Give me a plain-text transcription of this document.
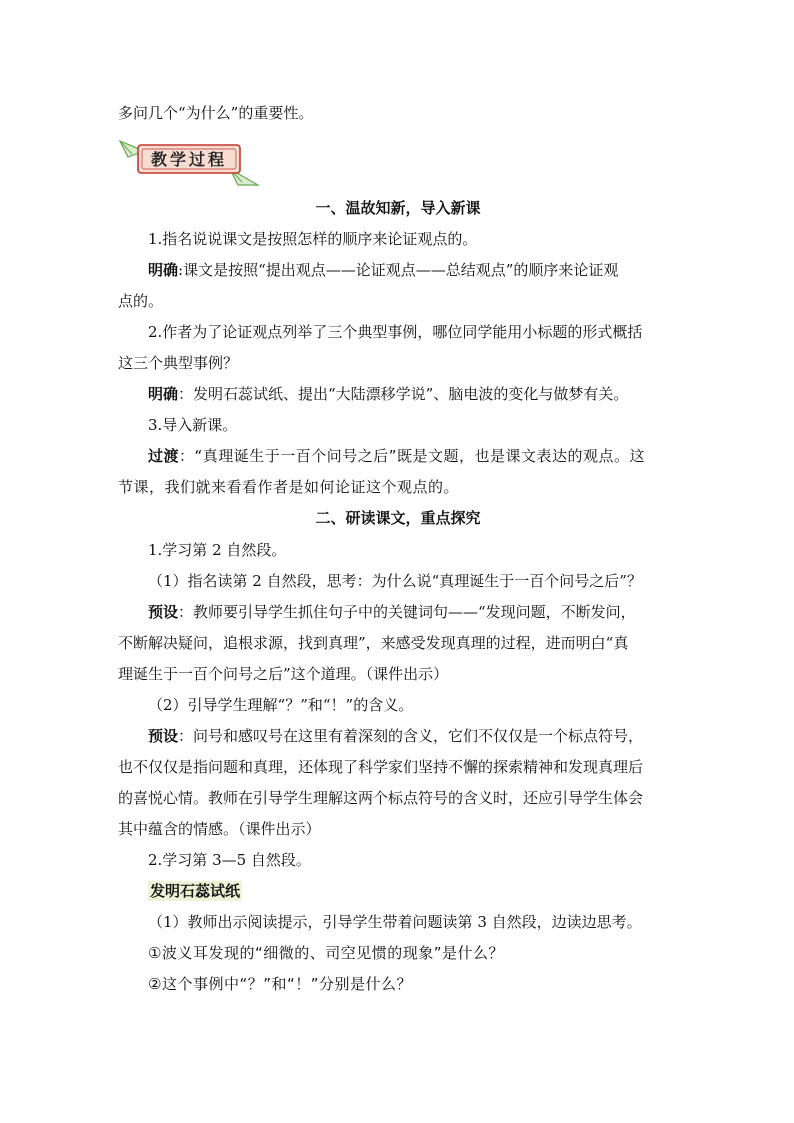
多问几个“为什么”的重要性。
教学过程
一、温故知新，导入新课
1.指名说说课文是按照怎样的顺序来论证观点的。
明确:课文是按照“提出观点——论证观点——总结观点”的顺序来论证观
点的。
2.作者为了论证观点列举了三个典型事例，哪位同学能用小标题的形式概括
这三个典型事例？
明确：发明石蕊试纸、提出“大陆漂移学说”、脑电波的变化与做梦有关。
3.导入新课。
过渡：“真理诞生于一百个问号之后”既是文题，也是课文表达的观点。这
节课，我们就来看看作者是如何论证这个观点的。
二、研读课文，重点探究
1.学习第 2 自然段。
（1）指名读第 2 自然段，思考：为什么说“真理诞生于一百个问号之后”？
预设：教师要引导学生抓住句子中的关键词句——“发现问题，不断发问，
不断解决疑问，追根求源，找到真理”，来感受发现真理的过程，进而明白“真
理诞生于一百个问号之后”这个道理。（课件出示）
（2）引导学生理解“？”和“！”的含义。
预设：问号和感叹号在这里有着深刻的含义，它们不仅仅是一个标点符号，
也不仅仅是指问题和真理，还体现了科学家们坚持不懈的探索精神和发现真理后
的喜悦心情。教师在引导学生理解这两个标点符号的含义时，还应引导学生体会
其中蕴含的情感。（课件出示）
2.学习第 3—5 自然段。
发明石蕊试纸
（1）教师出示阅读提示，引导学生带着问题读第 3 自然段，边读边思考。
①波义耳发现的“细微的、司空见惯的现象”是什么？
②这个事例中“？”和“！”分别是什么？
